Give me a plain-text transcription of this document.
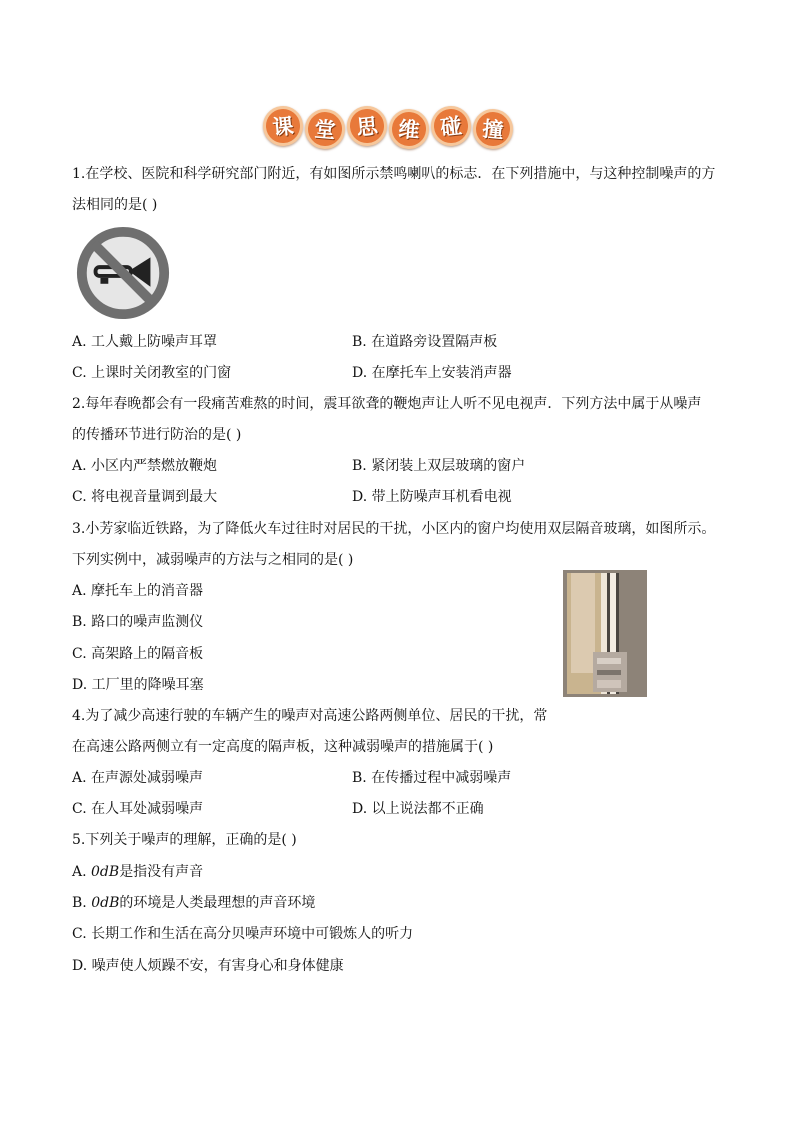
课 堂 思 维 碰 撞
1.在学校、医院和科学研究部门附近，有如图所示禁鸣喇叭的标志．在下列措施中，与这种控制噪声的方
法相同的是( )
A. 工人戴上防噪声耳罩	B. 在道路旁设置隔声板
C. 上课时关闭教室的门窗	D. 在摩托车上安装消声器
2.每年春晚都会有一段痛苦难熬的时间，震耳欲聋的鞭炮声让人听不见电视声．下列方法中属于从噪声
的传播环节进行防治的是( )
A. 小区内严禁燃放鞭炮	B. 紧闭装上双层玻璃的窗户
C. 将电视音量调到最大	D. 带上防噪声耳机看电视
3.小芳家临近铁路，为了降低火车过往时对居民的干扰，小区内的窗户均使用双层隔音玻璃，如图所示。
下列实例中，减弱噪声的方法与之相同的是( )
A. 摩托车上的消音器
B. 路口的噪声监测仪
C. 高架路上的隔音板
D. 工厂里的降噪耳塞
4.为了减少高速行驶的车辆产生的噪声对高速公路两侧单位、居民的干扰，常
在高速公路两侧立有一定高度的隔声板，这种减弱噪声的措施属于( )
A. 在声源处减弱噪声	B. 在传播过程中减弱噪声
C. 在人耳处减弱噪声	D. 以上说法都不正确
5.下列关于噪声的理解，正确的是( )
A. 0dB是指没有声音
B. 0dB的环境是人类最理想的声音环境
C. 长期工作和生活在高分贝噪声环境中可锻炼人的听力
D. 噪声使人烦躁不安，有害身心和身体健康
